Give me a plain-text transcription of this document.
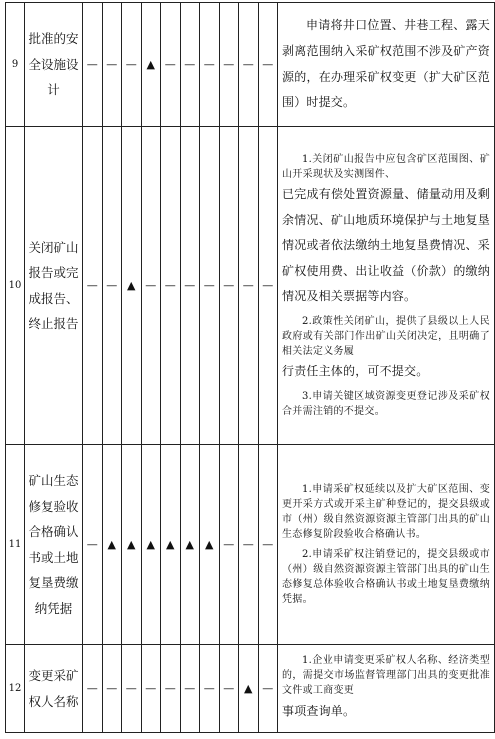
9	批准的安全设施设计	—	—	—	▲	—	—	—	—	—	—	申请将井口位置、井巷工程、露天剥离范围纳入采矿权范围不涉及矿产资源的，在办理采矿权变更（扩大矿区范围）时提交。

10	关闭矿山报告或完成报告、终止报告	—	—	▲	—	—	—	—	—	—	—	1.关闭矿山报告中应包含矿区范围图、矿山开采现状及实测图件、

已完成有偿处置资源量、储量动用及剩余情况、矿山地质环境保护与土地复垦情况或者依法缴纳土地复垦费情况、采矿权使用费、出让收益（价款）的缴纳情况及相关票据等内容。

2.政策性关闭矿山，提供了县级以上人民政府或有关部门作出矿山关闭决定，且明确了相关法定义务履

行责任主体的，可不提交。

3.申请关键区域资源变更登记涉及采矿权合并需注销的不提交。

11	矿山生态修复验收合格确认书或土地复垦费缴纳凭据	—	▲	▲	▲	▲	▲	▲	—	—	—	1.申请采矿权延续以及扩大矿区范围、变更开采方式或开采主矿种登记的，提交县级或市（州）级自然资源资源主管部门出具的矿山生态修复阶段验收合格确认书。

2.申请采矿权注销登记的，提交县级或市（州）级自然资源资源主管部门出具的矿山生态修复总体验收合格确认书或土地复垦费缴纳凭据。

12	变更采矿权人名称	—	—	—	—	—	—	—	—	▲	—	1.企业申请变更采矿权人名称、经济类型的，需提交市场监督管理部门出具的变更批准文件或工商变更

事项查询单。
